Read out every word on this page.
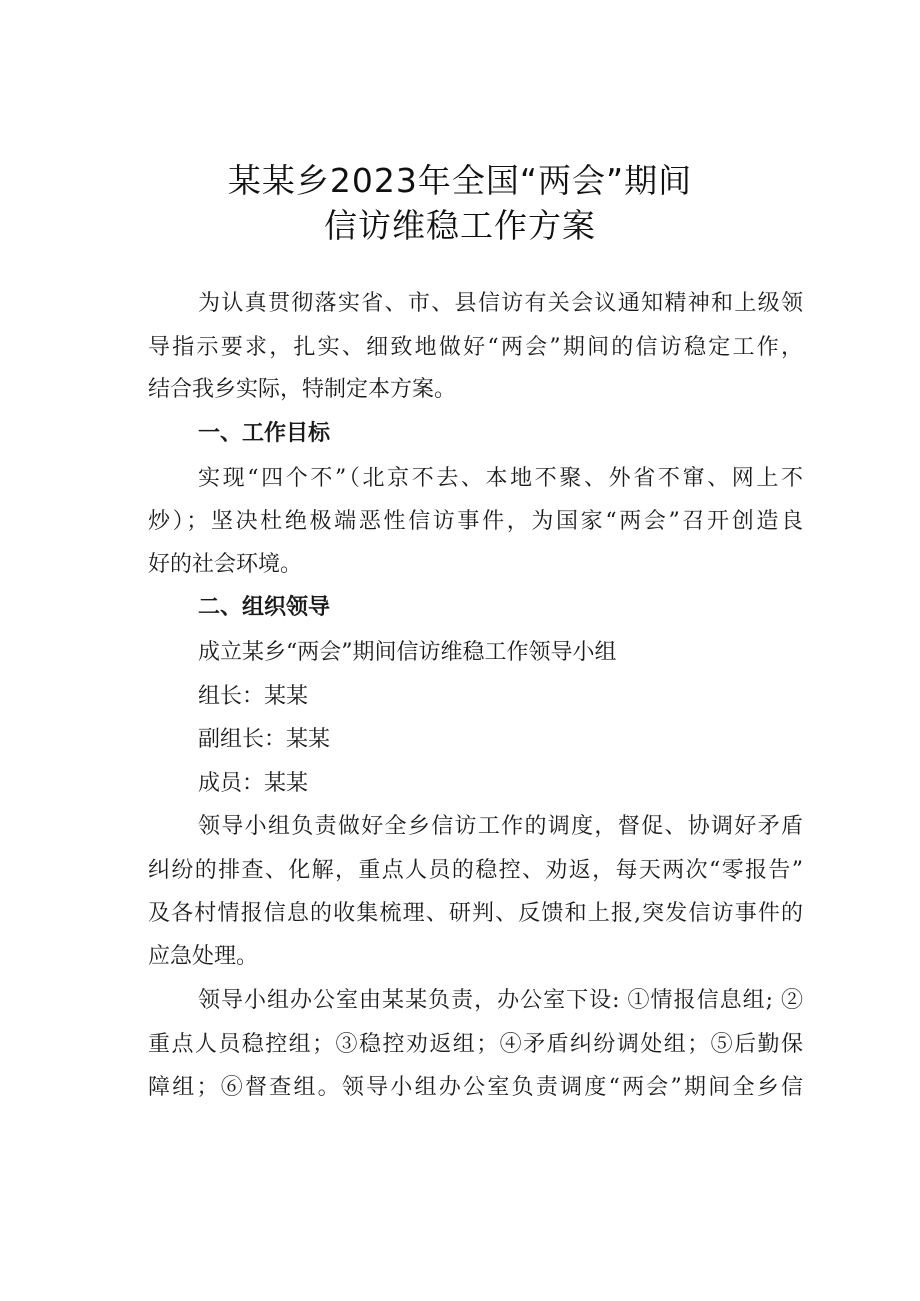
某某乡2023年全国“两会”期间
信访维稳工作方案
为认真贯彻落实省、市、县信访有关会议通知精神和上级领
导指示要求，扎实、细致地做好“两会”期间的信访稳定工作，
结合我乡实际，特制定本方案。
一、工作目标
实现“四个不”（北京不去、本地不聚、外省不窜、网上不
炒）；坚决杜绝极端恶性信访事件，为国家“两会”召开创造良
好的社会环境。
二、组织领导
成立某乡“两会”期间信访维稳工作领导小组
组长：某某
副组长：某某
成员：某某
领导小组负责做好全乡信访工作的调度，督促、协调好矛盾
纠纷的排查、化解，重点人员的稳控、劝返，每天两次“零报告”
及各村情报信息的收集梳理、研判、反馈和上报,突发信访事件的
应急处理。
领导小组办公室由某某负责，办公室下设: ①情报信息组; ②
重点人员稳控组；③稳控劝返组；④矛盾纠纷调处组；⑤后勤保
障组；⑥督查组。领导小组办公室负责调度“两会”期间全乡信
